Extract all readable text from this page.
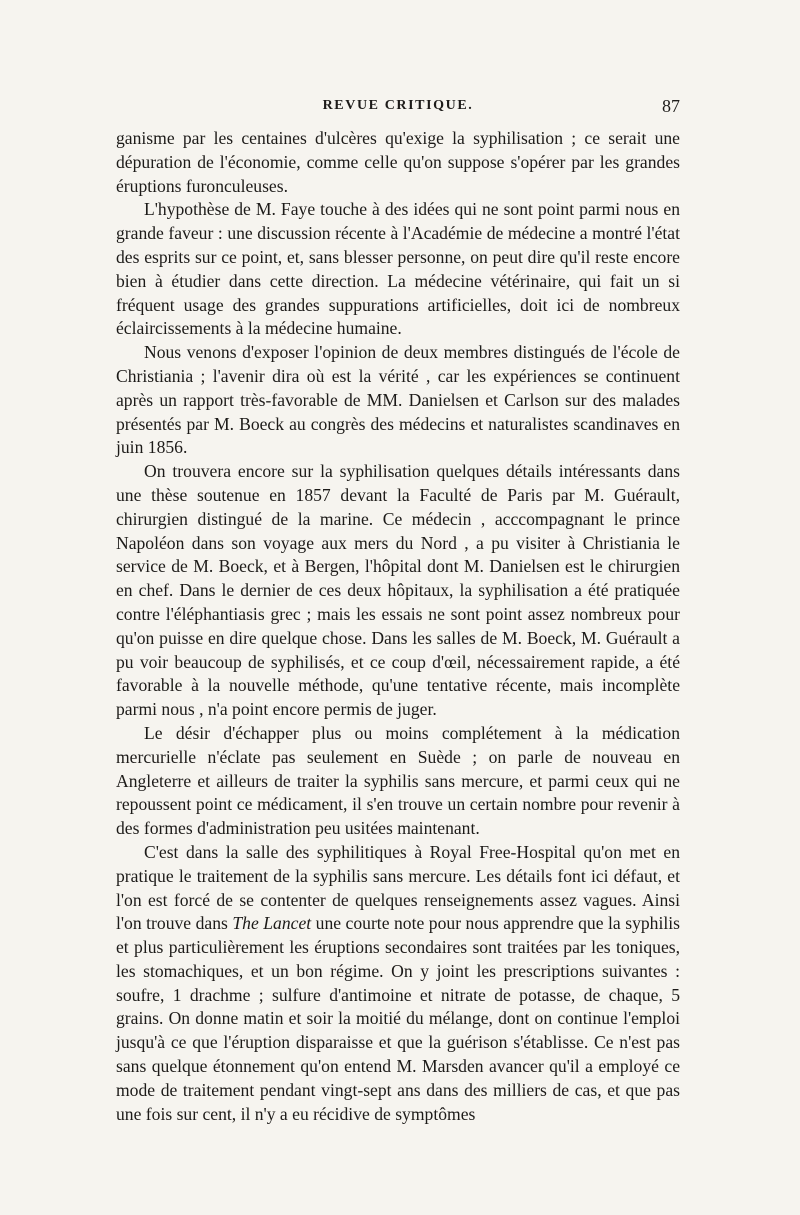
REVUE CRITIQUE.	87

ganisme par les centaines d'ulcères qu'exige la syphilisation ; ce serait une dépuration de l'économie, comme celle qu'on suppose s'opérer par les grandes éruptions furonculeuses.

L'hypothèse de M. Faye touche à des idées qui ne sont point parmi nous en grande faveur : une discussion récente à l'Académie de médecine a montré l'état des esprits sur ce point, et, sans blesser personne, on peut dire qu'il reste encore bien à étudier dans cette direction. La médecine vétérinaire, qui fait un si fréquent usage des grandes suppurations artificielles, doit ici de nombreux éclaircissements à la médecine humaine.

Nous venons d'exposer l'opinion de deux membres distingués de l'école de Christiania ; l'avenir dira où est la vérité , car les expériences se continuent après un rapport très-favorable de MM. Danielsen et Carlson sur des malades présentés par M. Boeck au congrès des médecins et naturalistes scandinaves en juin 1856.

On trouvera encore sur la syphilisation quelques détails intéressants dans une thèse soutenue en 1857 devant la Faculté de Paris par M. Guérault, chirurgien distingué de la marine. Ce médecin , acccompagnant le prince Napoléon dans son voyage aux mers du Nord , a pu visiter à Christiania le service de M. Boeck, et à Bergen, l'hôpital dont M. Danielsen est le chirurgien en chef. Dans le dernier de ces deux hôpitaux, la syphilisation a été pratiquée contre l'éléphantiasis grec ; mais les essais ne sont point assez nombreux pour qu'on puisse en dire quelque chose. Dans les salles de M. Boeck, M. Guérault a pu voir beaucoup de syphilisés, et ce coup d'œil, nécessairement rapide, a été favorable à la nouvelle méthode, qu'une tentative récente, mais incomplète parmi nous , n'a point encore permis de juger.

Le désir d'échapper plus ou moins complétement à la médication mercurielle n'éclate pas seulement en Suède ; on parle de nouveau en Angleterre et ailleurs de traiter la syphilis sans mercure, et parmi ceux qui ne repoussent point ce médicament, il s'en trouve un certain nombre pour revenir à des formes d'administration peu usitées maintenant.

C'est dans la salle des syphilitiques à Royal Free-Hospital qu'on met en pratique le traitement de la syphilis sans mercure. Les détails font ici défaut, et l'on est forcé de se contenter de quelques renseignements assez vagues. Ainsi l'on trouve dans The Lancet une courte note pour nous apprendre que la syphilis et plus particulièrement les éruptions secondaires sont traitées par les toniques, les stomachiques, et un bon régime. On y joint les prescriptions suivantes : soufre, 1 drachme ; sulfure d'antimoine et nitrate de potasse, de chaque, 5 grains. On donne matin et soir la moitié du mélange, dont on continue l'emploi jusqu'à ce que l'éruption disparaisse et que la guérison s'établisse. Ce n'est pas sans quelque étonnement qu'on entend M. Marsden avancer qu'il a employé ce mode de traitement pendant vingt-sept ans dans des milliers de cas, et que pas une fois sur cent, il n'y a eu récidive de symptômes
